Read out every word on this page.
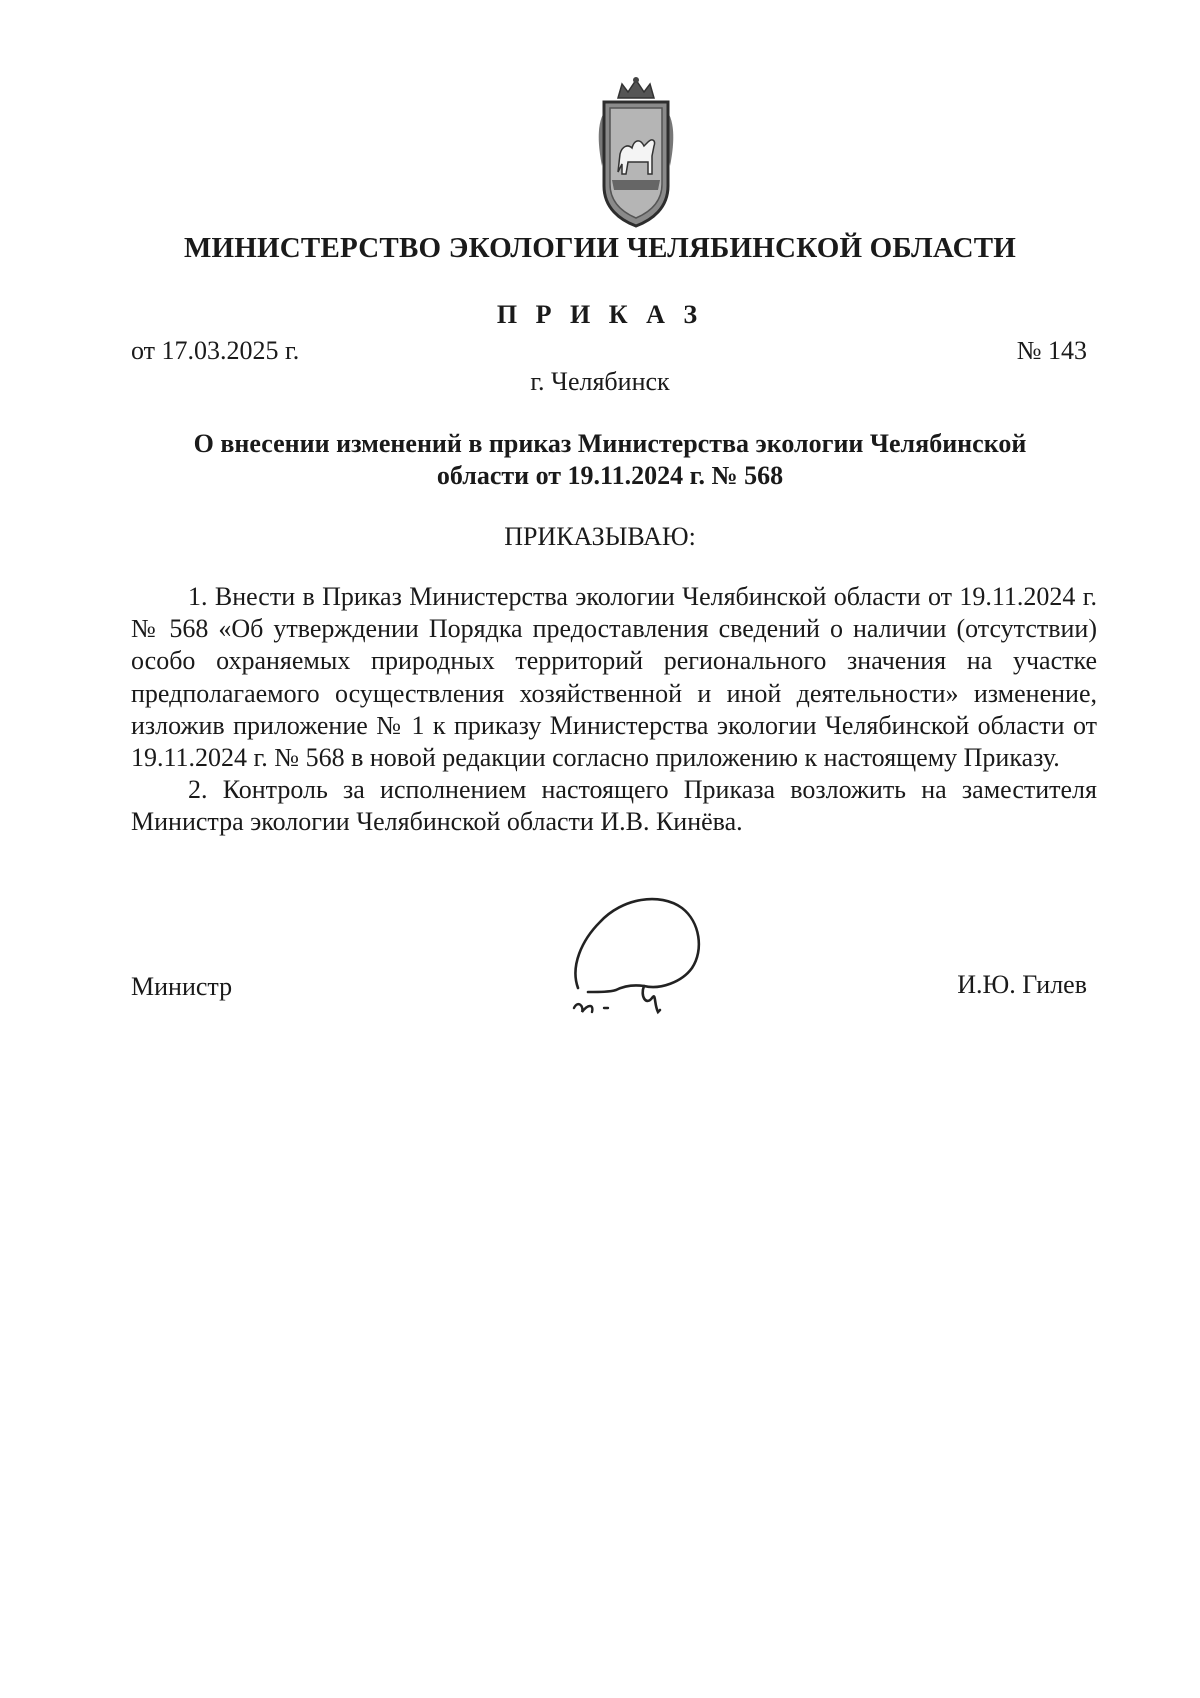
МИНИСТЕРСТВО ЭКОЛОГИИ ЧЕЛЯБИНСКОЙ ОБЛАСТИ
П Р И К А З
от 17.03.2025 г.	№ 143
г. Челябинск
О внесении изменений в приказ Министерства экологии Челябинской
области от 19.11.2024 г. № 568
ПРИКАЗЫВАЮ:

1. Внести в Приказ Министерства экологии Челябинской области от 19.11.2024 г. № 568 «Об утверждении Порядка предоставления сведений о наличии (отсутствии) особо охраняемых природных территорий регионального значения на участке предполагаемого осуществления хозяйственной и иной деятельности» изменение, изложив приложение № 1 к приказу Министерства экологии Челябинской области от 19.11.2024 г. № 568 в новой редакции согласно приложению к настоящему Приказу.

2. Контроль за исполнением настоящего Приказа возложить на заместителя Министра экологии Челябинской области И.В. Кинёва.

Министр	И.Ю. Гилев
